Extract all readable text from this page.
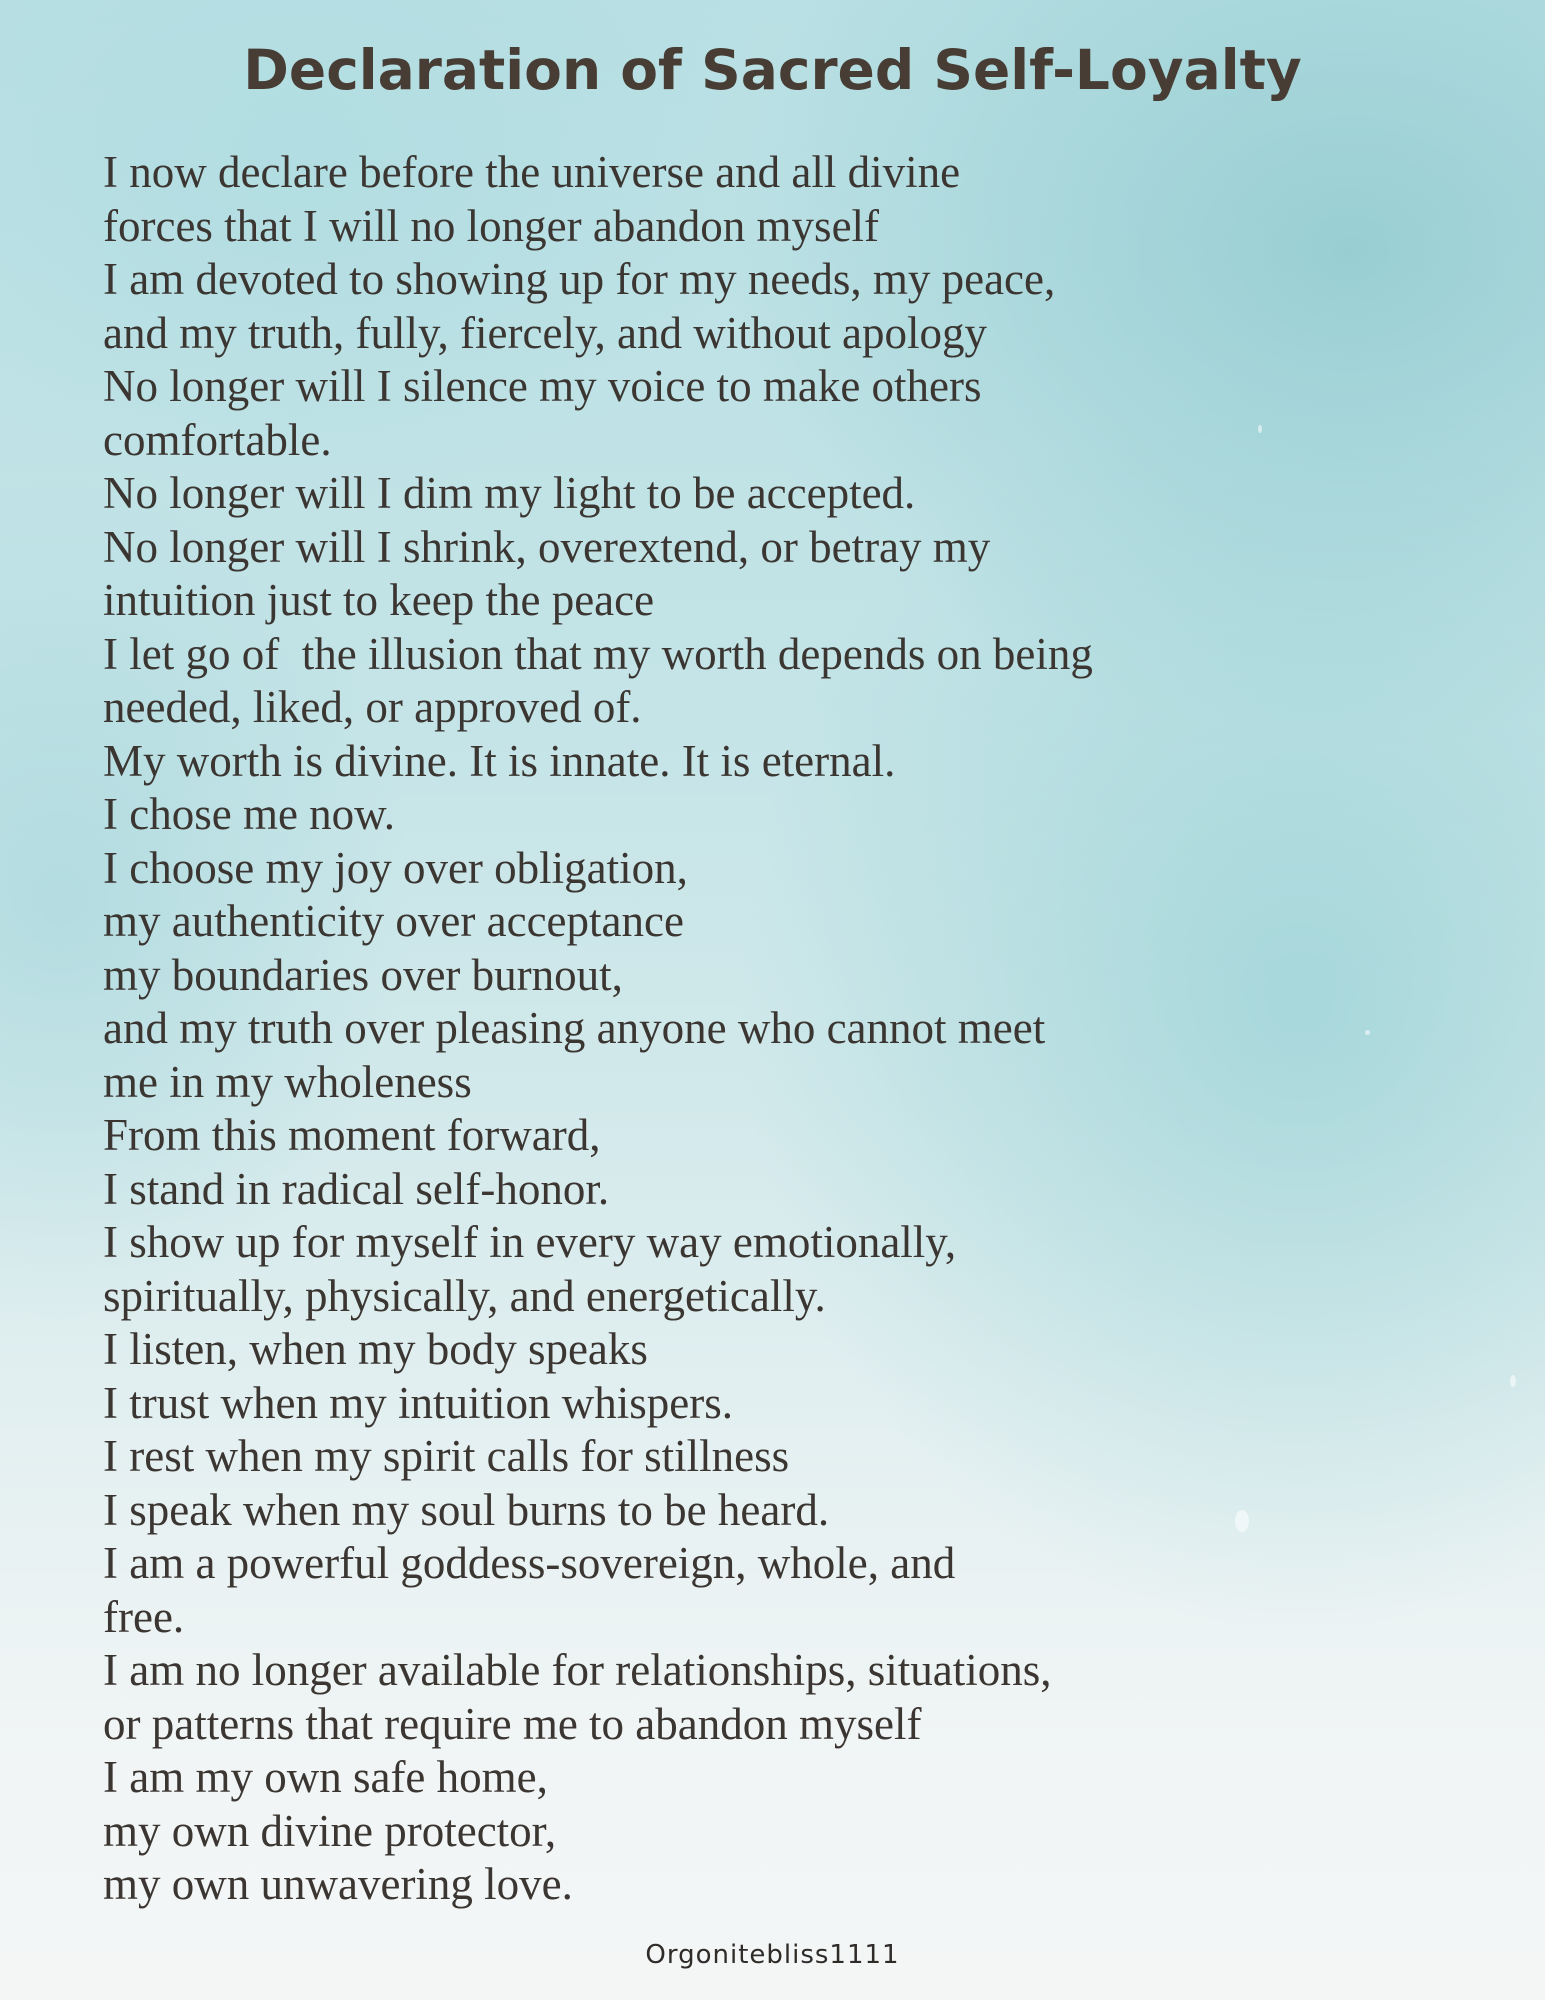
Declaration of Sacred Self-Loyalty
I now declare before the universe and all divine
forces that I will no longer abandon myself
I am devoted to showing up for my needs, my peace,
and my truth, fully, fiercely, and without apology
No longer will I silence my voice to make others
comfortable.
No longer will I dim my light to be accepted.
No longer will I shrink, overextend, or betray my
intuition just to keep the peace
I let go of  the illusion that my worth depends on being
needed, liked, or approved of.
My worth is divine. It is innate. It is eternal.
I chose me now.
I choose my joy over obligation,
my authenticity over acceptance
my boundaries over burnout,
and my truth over pleasing anyone who cannot meet
me in my wholeness
From this moment forward,
I stand in radical self-honor.
I show up for myself in every way emotionally,
spiritually, physically, and energetically.
I listen, when my body speaks
I trust when my intuition whispers.
I rest when my spirit calls for stillness
I speak when my soul burns to be heard.
I am a powerful goddess-sovereign, whole, and
free.
I am no longer available for relationships, situations,
or patterns that require me to abandon myself
I am my own safe home,
my own divine protector,
my own unwavering love.
Orgonitebliss1111
